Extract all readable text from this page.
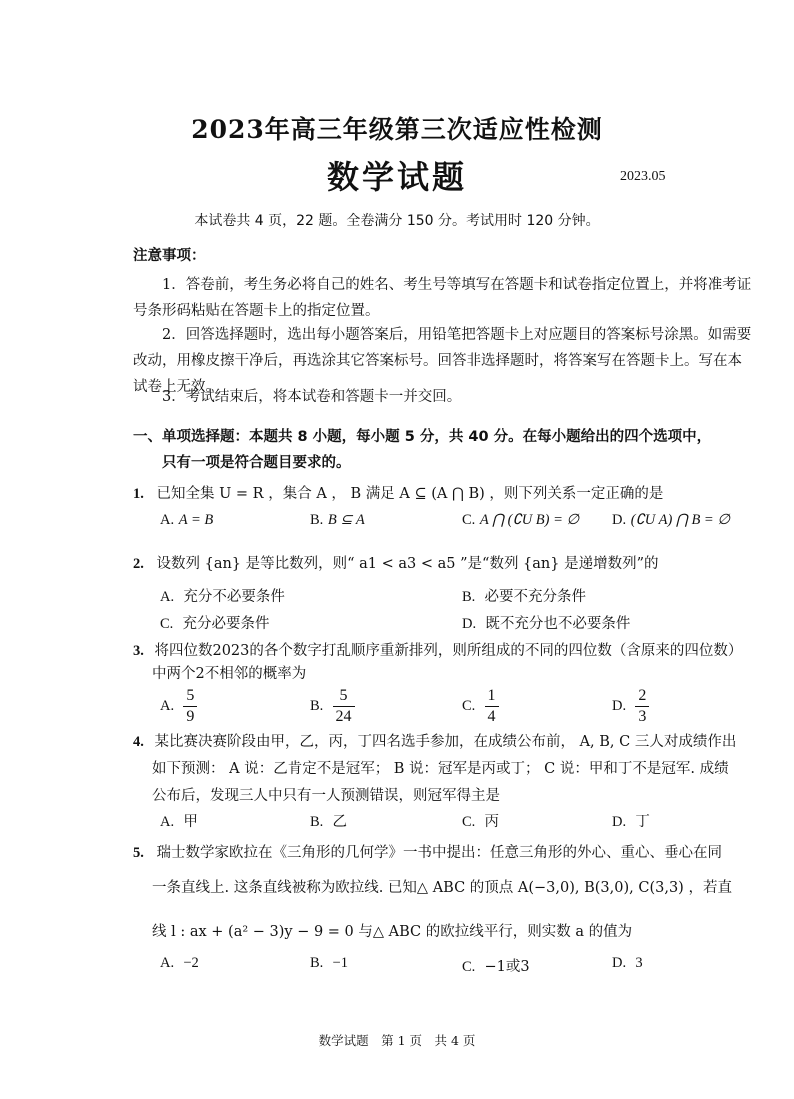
2023年高三年级第三次适应性检测
数学试题	2023.05
本试卷共 4 页，22 题。全卷满分 150 分。考试用时 120 分钟。
注意事项：
1．答卷前，考生务必将自己的姓名、考生号等填写在答题卡和试卷指定位置上，并将准考证号条形码粘贴在答题卡上的指定位置。
2．回答选择题时，选出每小题答案后，用铅笔把答题卡上对应题目的答案标号涂黑。如需要改动，用橡皮擦干净后，再选涂其它答案标号。回答非选择题时，将答案写在答题卡上。写在本试卷上无效。
3．考试结束后，将本试卷和答题卡一并交回。
一、单项选择题：本题共 8 小题，每小题 5 分，共 40 分。在每小题给出的四个选项中，
只有一项是符合题目要求的。
1. 已知全集 U = R ，集合 A ， B 满足 A ⊆ (A ⋂ B) ，则下列关系一定正确的是
A. A = B	B. B ⊆ A	C. A ⋂ (∁U B) = ∅ D. (∁U A) ⋂ B = ∅
2. 设数列 {an} 是等比数列，则“ a1 < a3 < a5 ”是“数列 {an} 是递增数列”的
A. 充分不必要条件	B. 必要不充分条件
C. 充分必要条件	D. 既不充分也不必要条件
3. 将四位数2023的各个数字打乱顺序重新排列，则所组成的不同的四位数（含原来的四位数）
中两个2不相邻的概率为
A. $\frac{5}{9}$	B. $\frac{5}{24}$	C. $\frac{1}{4}$	D. $\frac{2}{3}$
4. 某比赛决赛阶段由甲，乙，丙，丁四名选手参加，在成绩公布前， A, B, C 三人对成绩作出
如下预测： A 说：乙肯定不是冠军； B 说：冠军是丙或丁； C 说：甲和丁不是冠军. 成绩
公布后，发现三人中只有一人预测错误，则冠军得主是
A. 甲	B. 乙	C. 丙	D. 丁
5. 瑞士数学家欧拉在《三角形的几何学》一书中提出：任意三角形的外心、重心、垂心在同
一条直线上. 这条直线被称为欧拉线. 已知△ ABC 的顶点 A(−3,0), B(3,0), C(3,3) ，若直
线 l : ax + (a² − 3)y − 9 = 0 与△ ABC 的欧拉线平行，则实数 a 的值为
A. −2	B. −1	C. −1或3	D. 3
数学试题　第 1 页　共 4 页
